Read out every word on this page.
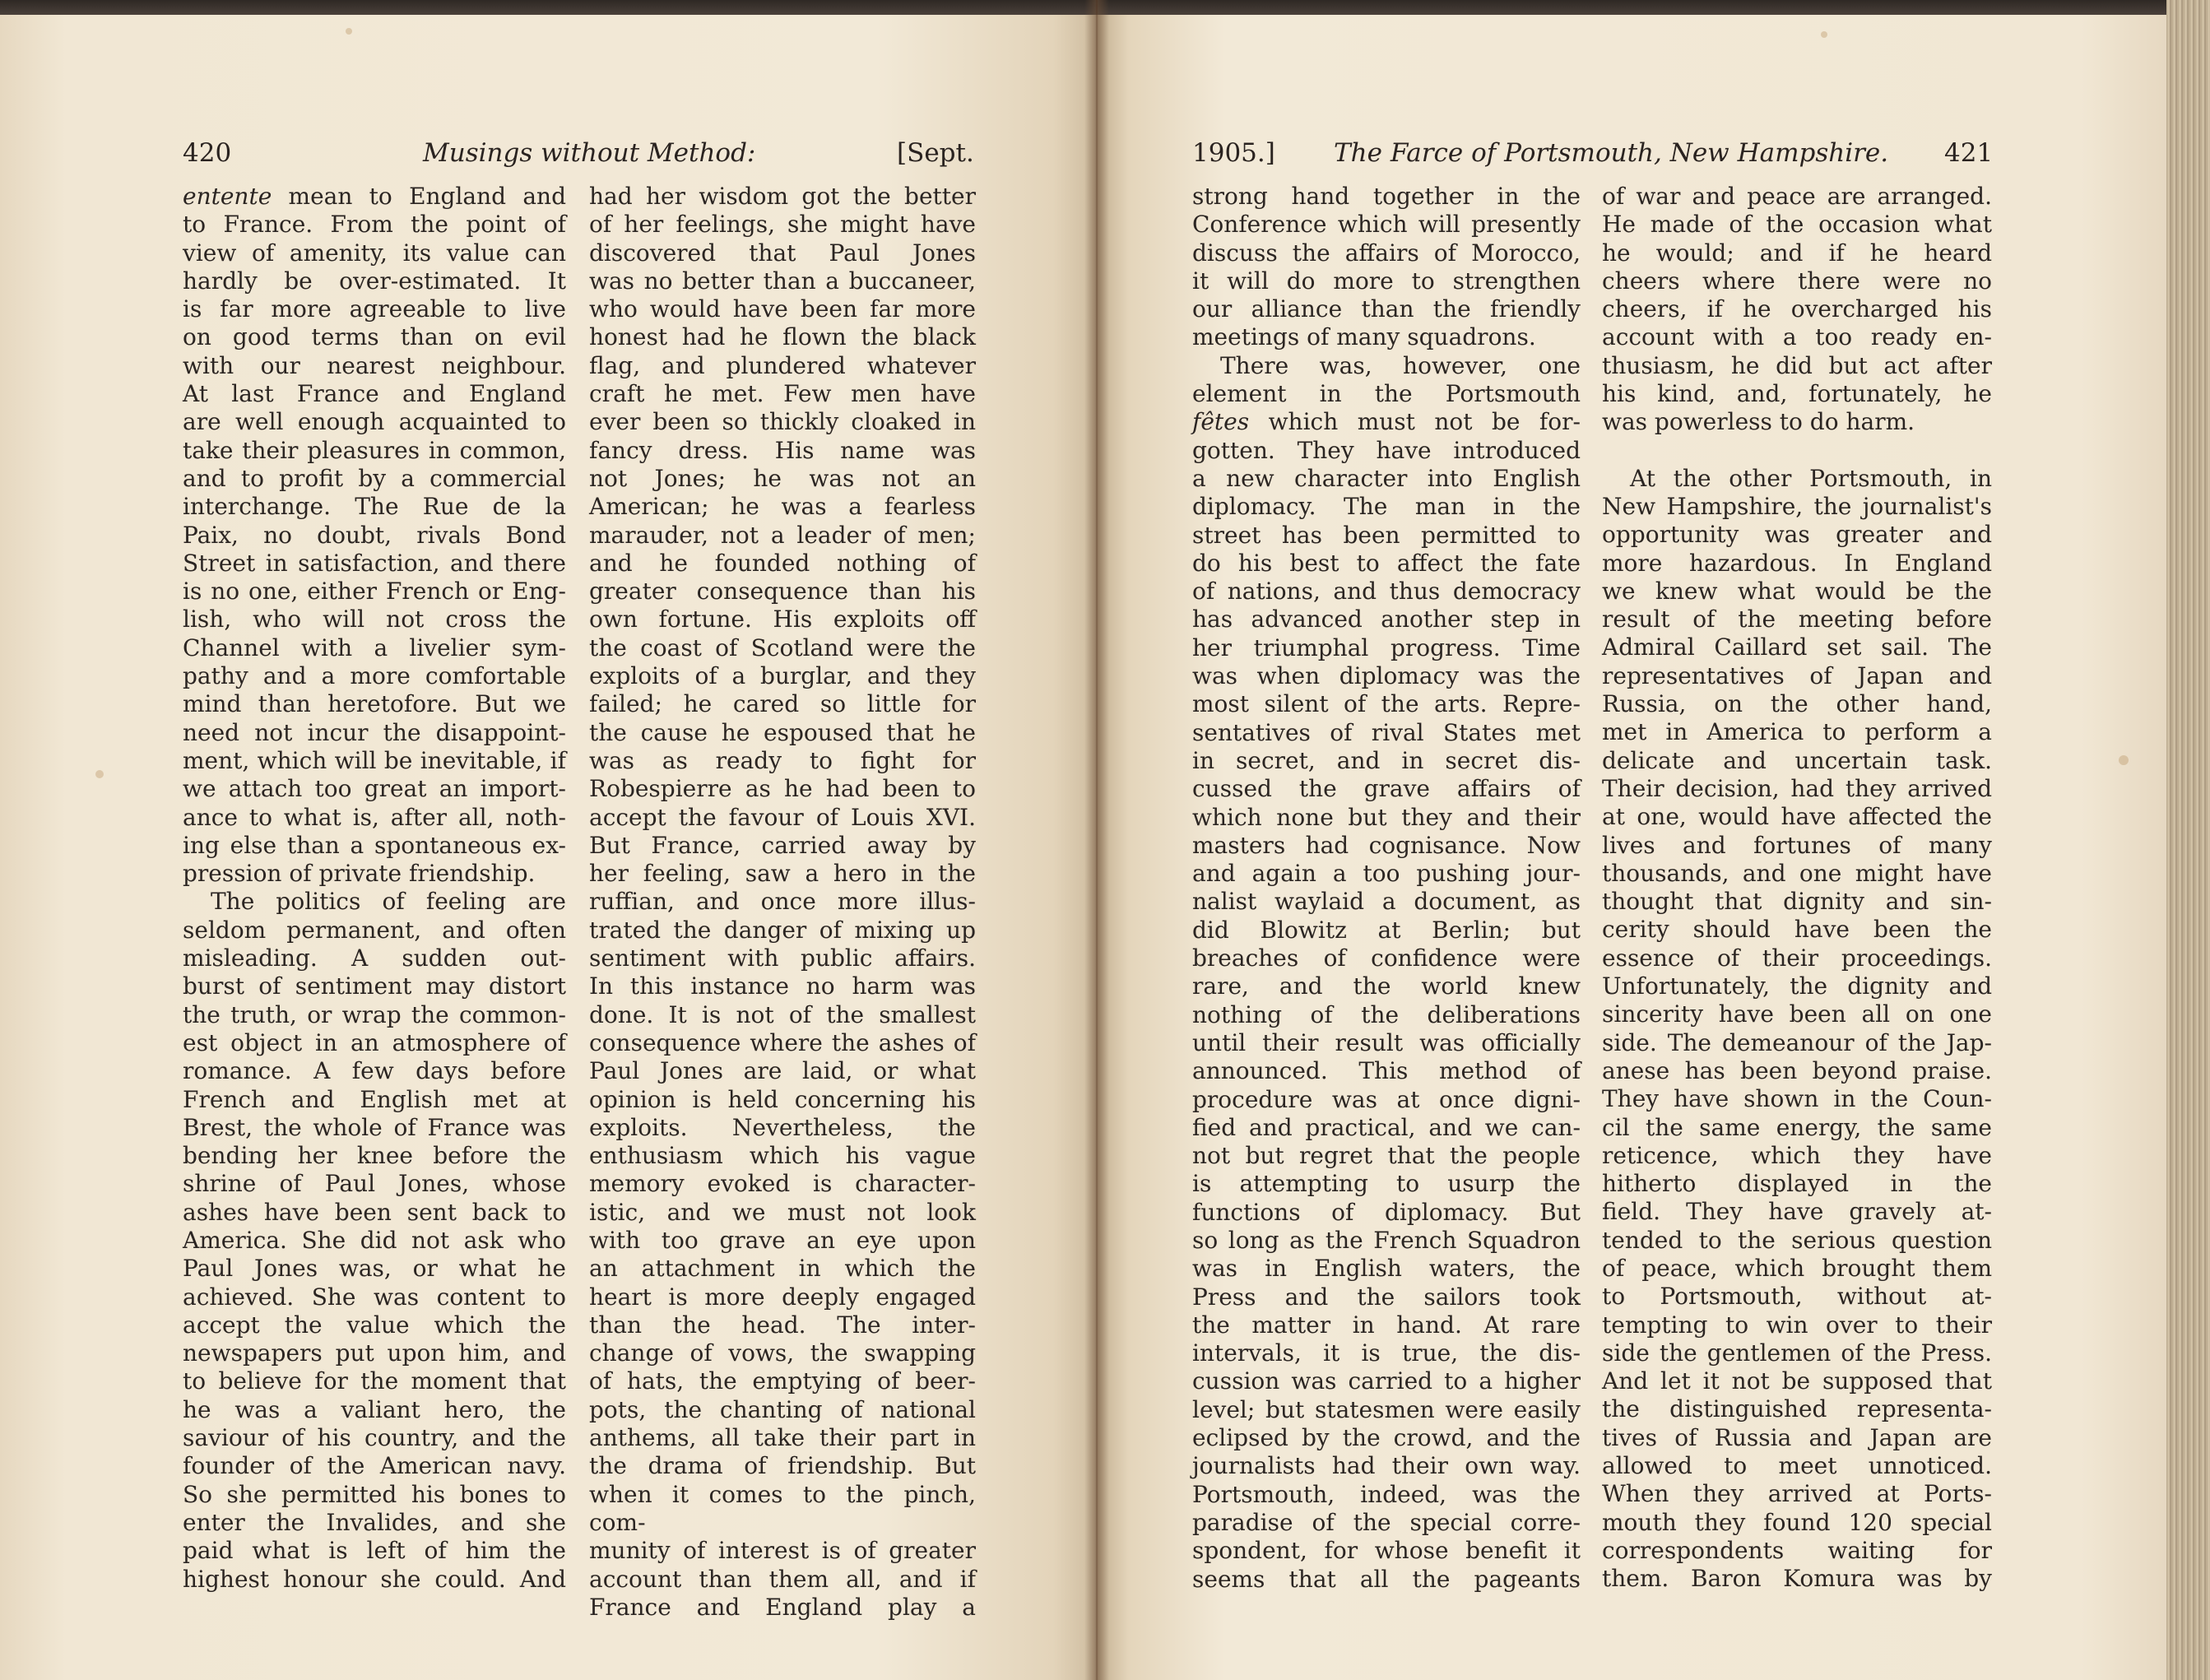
420	Musings without Method:	[Sept.

entente mean to England and

to France. From the point of

view of amenity, its value can

hardly be over-estimated. It

is far more agreeable to live

on good terms than on evil

with our nearest neighbour.

At last France and England

are well enough acquainted to

take their pleasures in common,

and to profit by a commercial

interchange. The Rue de la

Paix, no doubt, rivals Bond

Street in satisfaction, and there

is no one, either French or Eng-

lish, who will not cross the

Channel with a livelier sym-

pathy and a more comfortable

mind than heretofore. But we

need not incur the disappoint-

ment, which will be inevitable, if

we attach too great an import-

ance to what is, after all, noth-

ing else than a spontaneous ex-

pression of private friendship.

The politics of feeling are

seldom permanent, and often

misleading. A sudden out-

burst of sentiment may distort

the truth, or wrap the common-

est object in an atmosphere of

romance. A few days before

French and English met at

Brest, the whole of France was

bending her knee before the

shrine of Paul Jones, whose

ashes have been sent back to

America. She did not ask who

Paul Jones was, or what he

achieved. She was content to

accept the value which the

newspapers put upon him, and

to believe for the moment that

he was a valiant hero, the

saviour of his country, and the

founder of the American navy.

So she permitted his bones to

enter the Invalides, and she

paid what is left of him the

highest honour she could. And

had her wisdom got the better

of her feelings, she might have

discovered that Paul Jones

was no better than a buccaneer,

who would have been far more

honest had he flown the black

flag, and plundered whatever

craft he met. Few men have

ever been so thickly cloaked in

fancy dress. His name was

not Jones; he was not an

American; he was a fearless

marauder, not a leader of men;

and he founded nothing of

greater consequence than his

own fortune. His exploits off

the coast of Scotland were the

exploits of a burglar, and they

failed; he cared so little for

the cause he espoused that he

was as ready to fight for

Robespierre as he had been to

accept the favour of Louis XVI.

But France, carried away by

her feeling, saw a hero in the

ruffian, and once more illus-

trated the danger of mixing up

sentiment with public affairs.

In this instance no harm was

done. It is not of the smallest

consequence where the ashes of

Paul Jones are laid, or what

opinion is held concerning his

exploits. Nevertheless, the

enthusiasm which his vague

memory evoked is character-

istic, and we must not look

with too grave an eye upon

an attachment in which the

heart is more deeply engaged

than the head. The inter-

change of vows, the swapping

of hats, the emptying of beer-

pots, the chanting of national

anthems, all take their part in

the drama of friendship. But

when it comes to the pinch, com-

munity of interest is of greater

account than them all, and if

France and England play a

1905.] The Farce of Portsmouth, New Hampshire. 421

strong hand together in the

Conference which will presently

discuss the affairs of Morocco,

it will do more to strengthen

our alliance than the friendly

meetings of many squadrons.

There was, however, one

element in the Portsmouth

fêtes which must not be for-

gotten. They have introduced

a new character into English

diplomacy. The man in the

street has been permitted to

do his best to affect the fate

of nations, and thus democracy

has advanced another step in

her triumphal progress. Time

was when diplomacy was the

most silent of the arts. Repre-

sentatives of rival States met

in secret, and in secret dis-

cussed the grave affairs of

which none but they and their

masters had cognisance. Now

and again a too pushing jour-

nalist waylaid a document, as

did Blowitz at Berlin; but

breaches of confidence were

rare, and the world knew

nothing of the deliberations

until their result was officially

announced. This method of

procedure was at once digni-

fied and practical, and we can-

not but regret that the people

is attempting to usurp the

functions of diplomacy. But

so long as the French Squadron

was in English waters, the

Press and the sailors took

the matter in hand. At rare

intervals, it is true, the dis-

cussion was carried to a higher

level; but statesmen were easily

eclipsed by the crowd, and the

journalists had their own way.

Portsmouth, indeed, was the

paradise of the special corre-

spondent, for whose benefit it

seems that all the pageants

of war and peace are arranged.

He made of the occasion what

he would; and if he heard

cheers where there were no

cheers, if he overcharged his

account with a too ready en-

thusiasm, he did but act after

his kind, and, fortunately, he

was powerless to do harm.

At the other Portsmouth, in

New Hampshire, the journalist's

opportunity was greater and

more hazardous. In England

we knew what would be the

result of the meeting before

Admiral Caillard set sail. The

representatives of Japan and

Russia, on the other hand,

met in America to perform a

delicate and uncertain task.

Their decision, had they arrived

at one, would have affected the

lives and fortunes of many

thousands, and one might have

thought that dignity and sin-

cerity should have been the

essence of their proceedings.

Unfortunately, the dignity and

sincerity have been all on one

side. The demeanour of the Jap-

anese has been beyond praise.

They have shown in the Coun-

cil the same energy, the same

reticence, which they have

hitherto displayed in the

field. They have gravely at-

tended to the serious question

of peace, which brought them

to Portsmouth, without at-

tempting to win over to their

side the gentlemen of the Press.

And let it not be supposed that

the distinguished representa-

tives of Russia and Japan are

allowed to meet unnoticed.

When they arrived at Ports-

mouth they found 120 special

correspondents waiting for

them. Baron Komura was by
